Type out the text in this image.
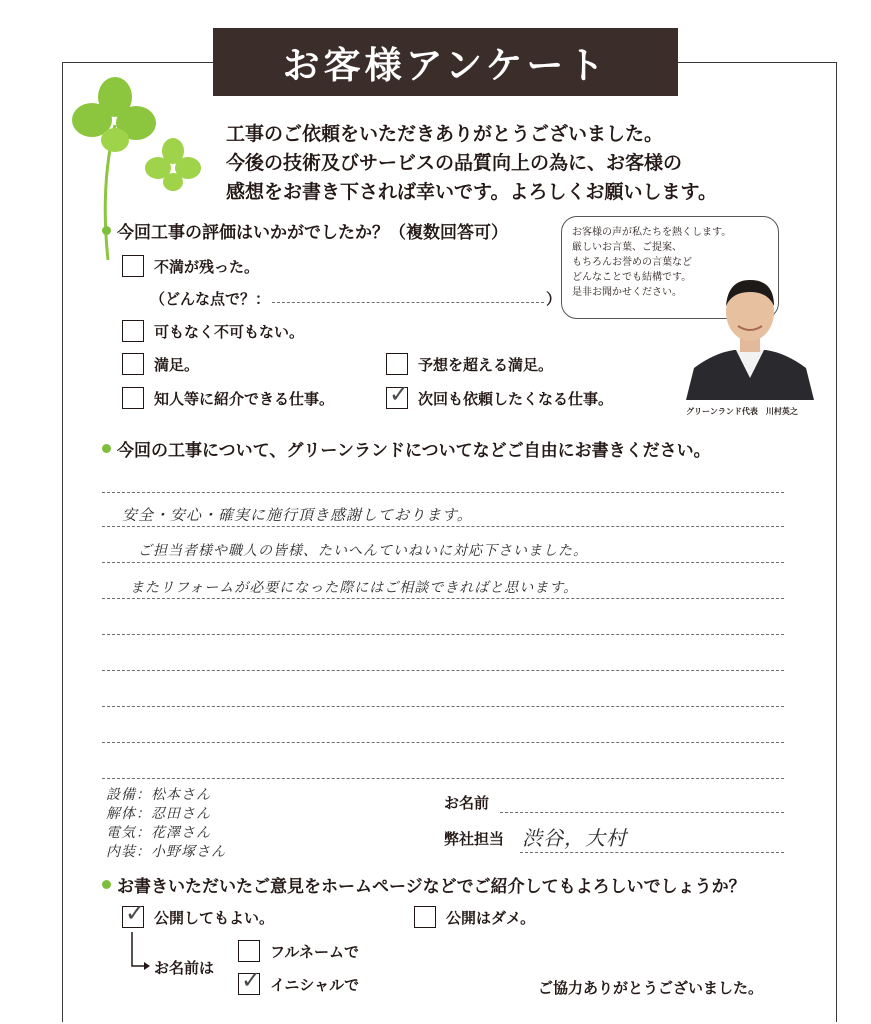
お客様アンケート
工事のご依頼をいただきありがとうございました。
今後の技術及びサービスの品質向上の為に、お客様の
感想をお書き下されば幸いです。よろしくお願いします。
今回工事の評価はいかがでしたか？（複数回答可）
不満が残った。
（どんな点で？：	）
可もなく不可もない。
満足。	予想を超える満足。
知人等に紹介できる仕事。 ✓ 次回も依頼したくなる仕事。
お客様の声が私たちを熱くします。
厳しいお言葉、ご提案、
もちろんお誉めの言葉など
どんなことでも結構です。
是非お聞かせください。
グリーンランド代表　川村英之
今回の工事について、グリーンランドについてなどご自由にお書きください。
安全・安心・確実に施行頂き感謝しております。
ご担当者様や職人の皆様、たいへんていねいに対応下さいました。
またリフォームが必要になった際にはご相談できればと思います。
設備：松本さん
解体：忍田さん
電気：花澤さん
内装：小野塚さん
お名前
弊社担当 渋谷，大村
お書きいただいたご意見をホームページなどでご紹介してもよろしいでしょうか？
✓ 公開してもよい。	公開はダメ。
お名前は
フルネームで
✓ イニシャルで	ご協力ありがとうございました。
